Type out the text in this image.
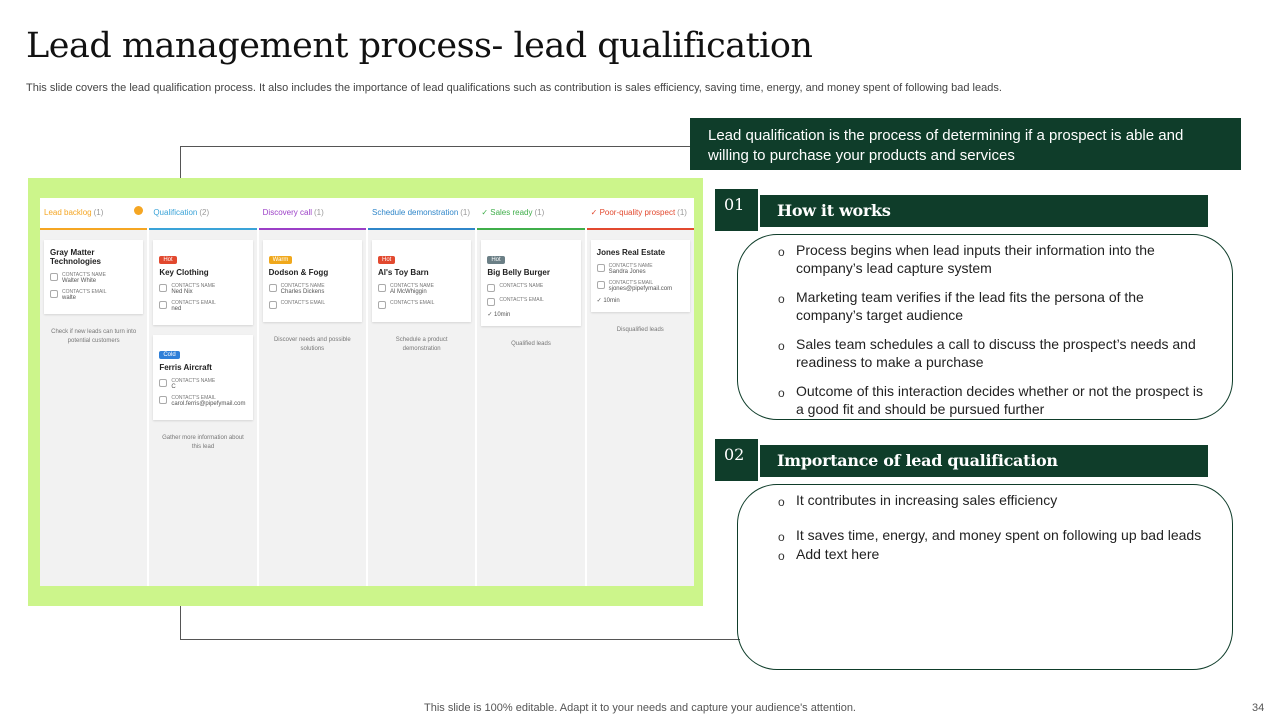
Lead management process- lead qualification
This slide covers the lead qualification process. It also includes the importance of lead qualifications such as contribution is sales efficiency, saving time, energy, and money spent of following bad leads.
Lead backlog (1)
Gray Matter Technologies
CONTACT'S NAME
Walter White
CONTACT'S EMAIL
walte
Check if new leads can turn into potential customers
Qualification (2)
Hot
Key Clothing
CONTACT'S NAME
Ned Nix
CONTACT'S EMAIL
ned
Cold
Ferris Aircraft
CONTACT'S NAME
C
CONTACT'S EMAIL
carol.ferris@pipefymail.com
Gather more information about this lead
Discovery call (1)
Warm
Dodson & Fogg
CONTACT'S NAME
Charles Dickens
CONTACT'S EMAIL
Discover needs and possible solutions
Schedule demonstration (1)
Hot
Al's Toy Barn
CONTACT'S NAME
Al McWhiggin
CONTACT'S EMAIL
Schedule a product demonstration
✓ Sales ready (1)
Hot
Big Belly Burger
CONTACT'S NAME
CONTACT'S EMAIL
✓ 10min
Qualified leads
✓ Poor-quality prospect (1)
Jones Real Estate
CONTACT'S NAME
Sandra Jones
CONTACT'S EMAIL
sjones@pipefymail.com
✓ 10min
Disqualified leads
Lead qualification is the process of determining if a prospect is able and willing to purchase your products and services
01	How it works
o Process begins when lead inputs their information into the company’s lead capture system
o Marketing team verifies if the lead fits the persona of the company’s target audience
o Sales team schedules a call to discuss the prospect’s needs and readiness to make a purchase
o Outcome of this interaction decides whether or not the prospect is a good fit and should be pursued further
02	Importance of lead qualification
o It contributes in increasing sales efficiency
o It saves time, energy, and money spent on following up bad leads
o Add text here
This slide is 100% editable. Adapt it to your needs and capture your audience's attention.	34
